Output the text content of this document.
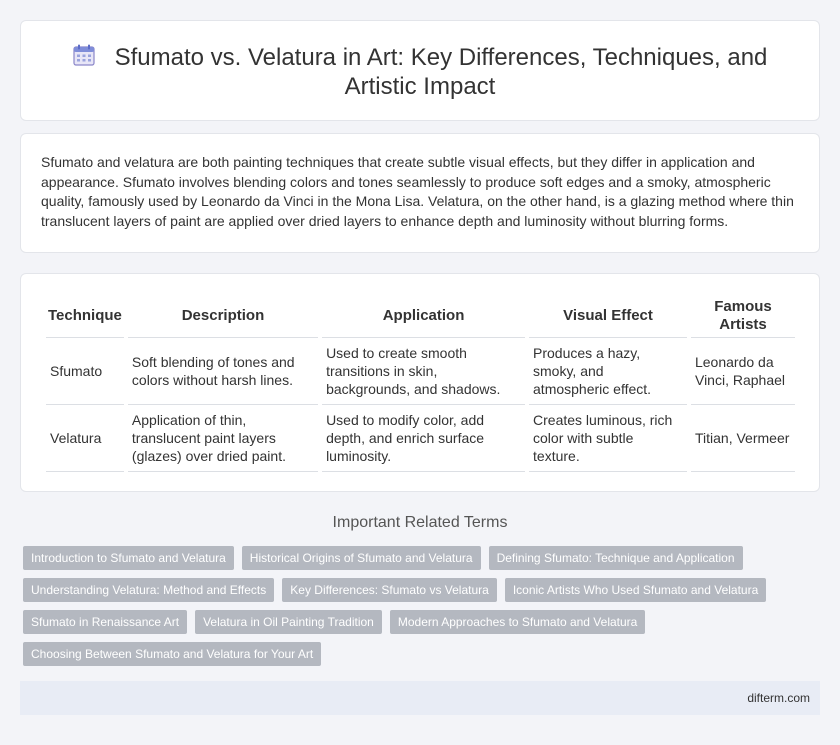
Sfumato vs. Velatura in Art: Key Differences, Techniques, and Artistic Impact

Sfumato and velatura are both painting techniques that create subtle visual effects, but they differ in application and appearance. Sfumato involves blending colors and tones seamlessly to produce soft edges and a smoky, atmospheric quality, famously used by Leonardo da Vinci in the Mona Lisa. Velatura, on the other hand, is a glazing method where thin translucent layers of paint are applied over dried layers to enhance depth and luminosity without blurring forms.

Technique	Description	Application	Visual Effect	Famous Artists
Sfumato	Soft blending of tones and colors without harsh lines.	Used to create smooth transitions in skin, backgrounds, and shadows.	Produces a hazy, smoky, and atmospheric effect.	Leonardo da Vinci, Raphael
Velatura	Application of thin, translucent paint layers (glazes) over dried paint.	Used to modify color, add depth, and enrich surface luminosity.	Creates luminous, rich color with subtle texture.	Titian, Vermeer
Important Related Terms
Introduction to Sfumato and Velatura	Historical Origins of Sfumato and Velatura	Defining Sfumato: Technique and Application
Understanding Velatura: Method and Effects	Key Differences: Sfumato vs Velatura	Iconic Artists Who Used Sfumato and Velatura
Sfumato in Renaissance Art	Velatura in Oil Painting Tradition	Modern Approaches to Sfumato and Velatura
Choosing Between Sfumato and Velatura for Your Art
difterm.com
